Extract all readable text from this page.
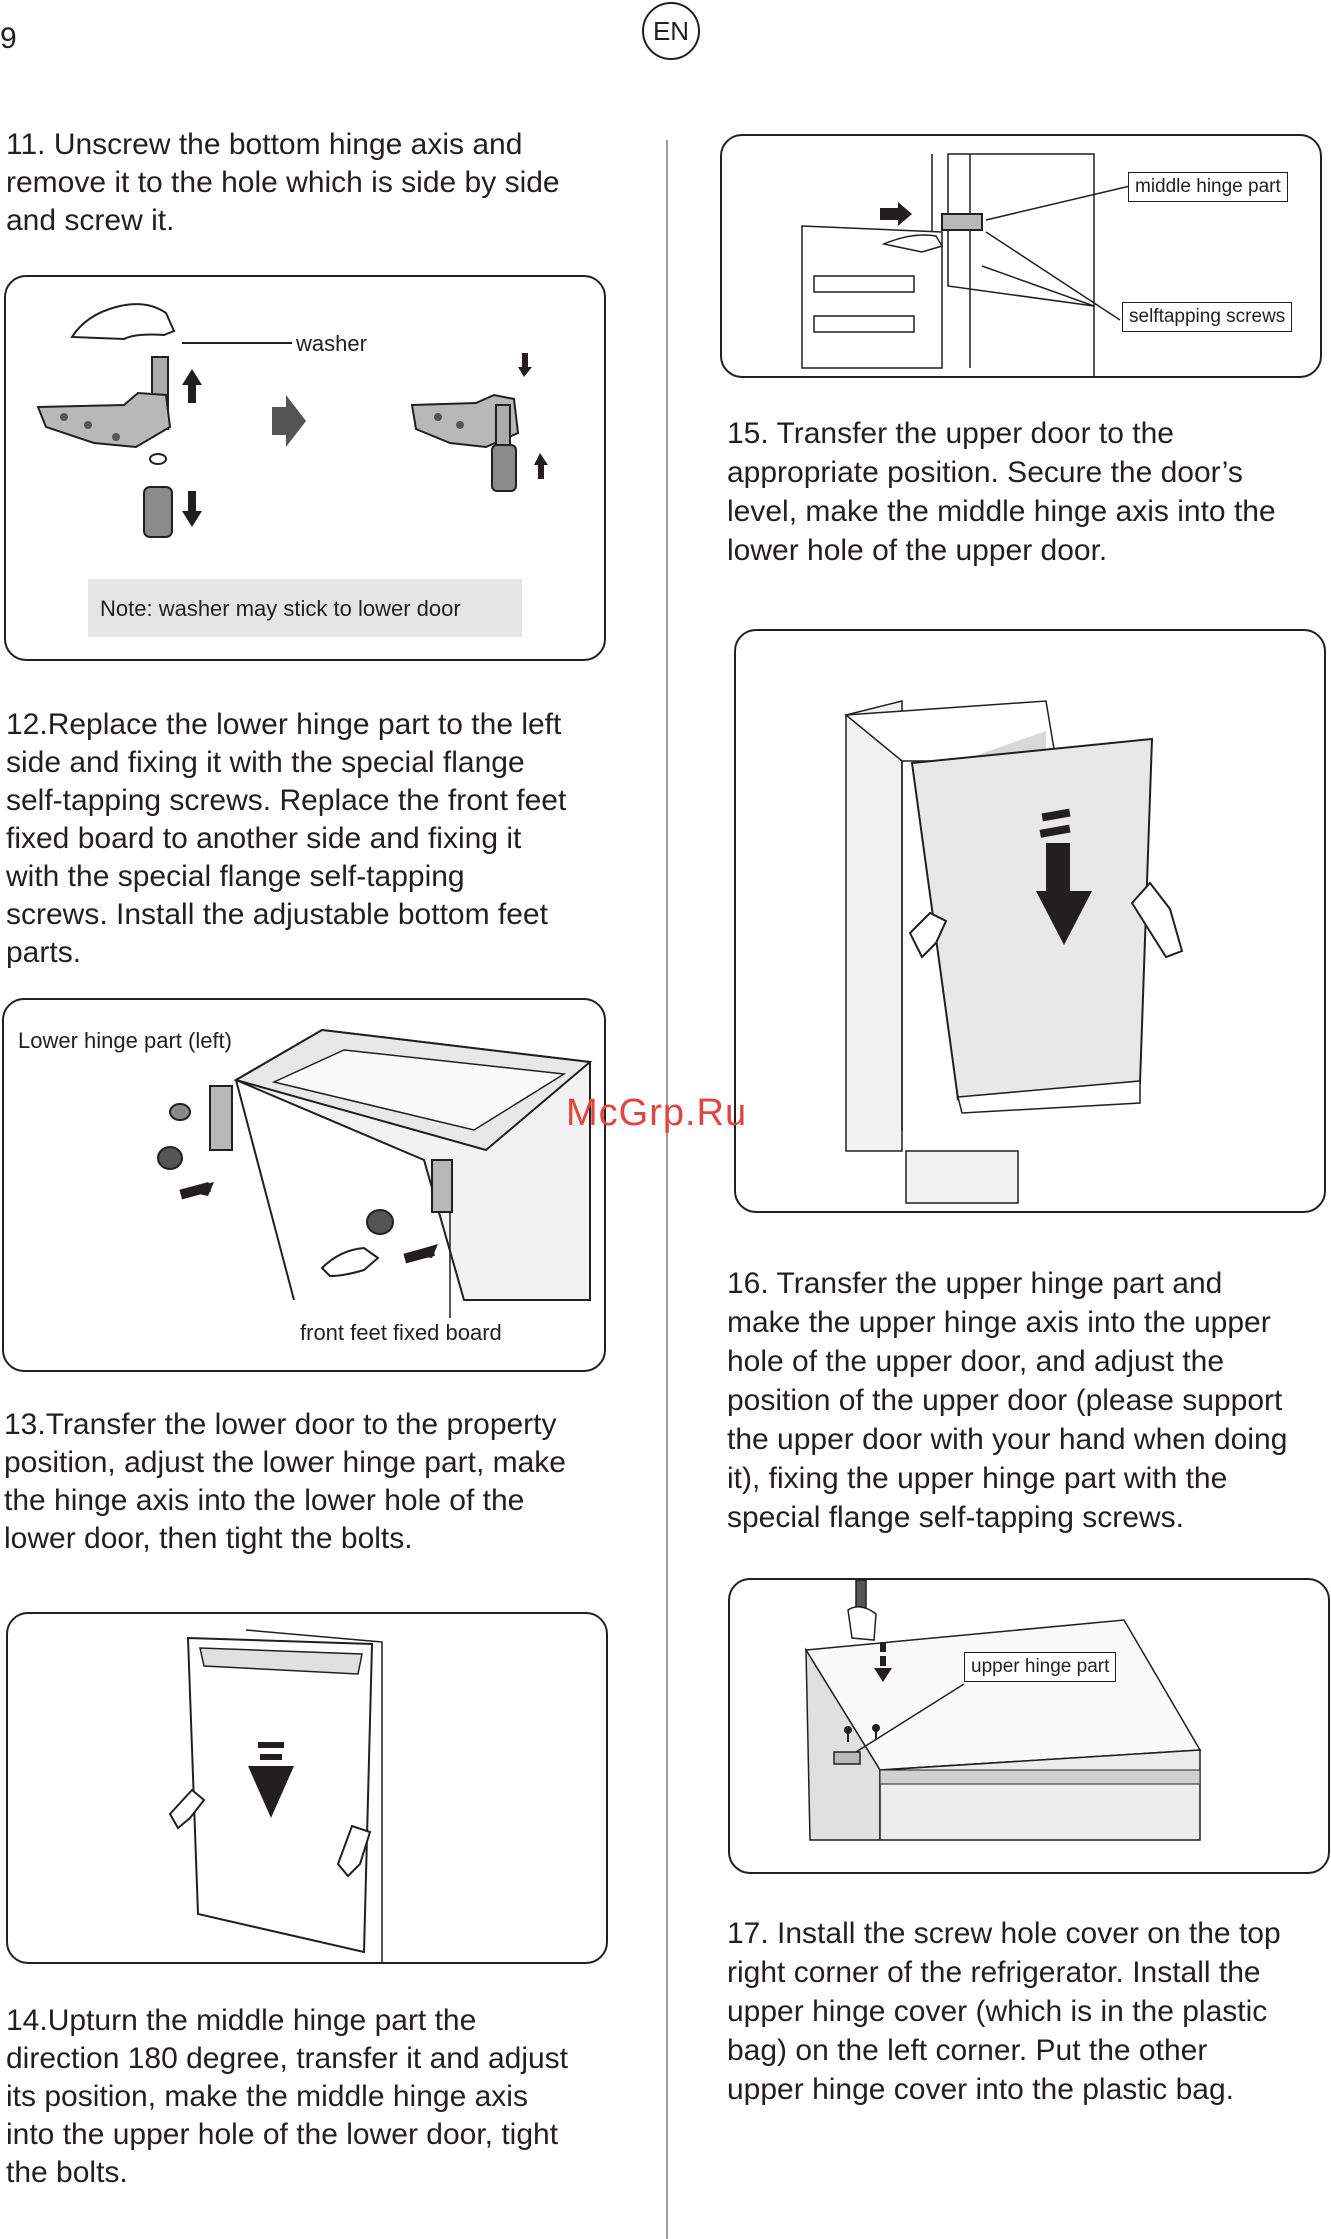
9	EN
11. Unscrew the bottom hinge axis and
remove it to the hole which is side by side
and screw it.
washer
Note: washer may stick to lower door
12.Replace the lower hinge part to the left
side and fixing it with the special flange
self-tapping screws. Replace the front feet
fixed board to another side and fixing it
with the special flange self-tapping
screws. Install the adjustable bottom feet
parts.
Lower hinge part (left)
front feet fixed board
13.Transfer the lower door to the property
position, adjust the lower hinge part, make
the hinge axis into the lower hole of the
lower door, then tight the bolts.
14.Upturn the middle hinge part the
direction 180 degree, transfer it and adjust
its position, make the middle hinge axis
into the upper hole of the lower door, tight
the bolts.
middle hinge part
selftapping screws
15. Transfer the upper door to the
appropriate position. Secure the door’s
level, make the middle hinge axis into the
lower hole of the upper door.
McGrp.Ru
16. Transfer the upper hinge part and
make the upper hinge axis into the upper
hole of the upper door, and adjust the
position of the upper door (please support
the upper door with your hand when doing
it), fixing the upper hinge part with the
special flange self-tapping screws.
upper hinge part
17. Install the screw hole cover on the top
right corner of the refrigerator. Install the
upper hinge cover (which is in the plastic
bag) on the left corner. Put the other
upper hinge cover into the plastic bag.
